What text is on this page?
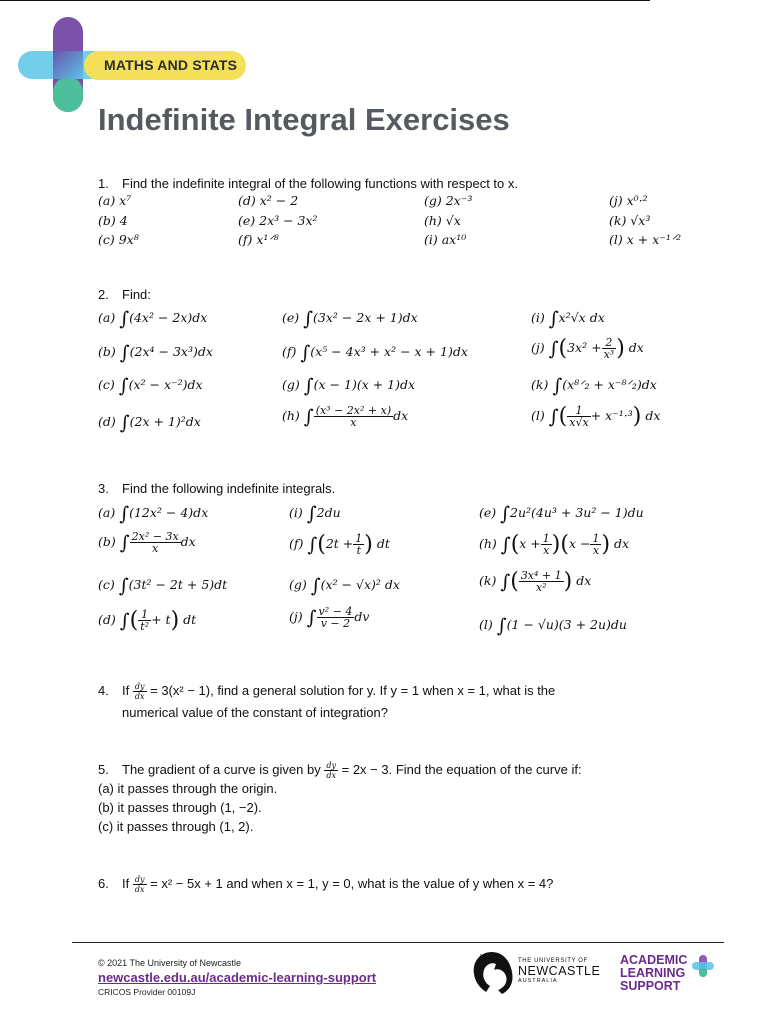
MATHS AND STATS
Indefinite Integral Exercises
1. Find the indefinite integral of the following functions with respect to x.
(a) x⁷
(b) 4
(c) 9x⁸
(d) x² − 2
(e) 2x³ − 3x²
(f) x¹ᐟ⁸
(g) 2x⁻³
(h) √x
(i) ax¹⁰
(j) x⁰·²
(k) √x³
(l) x + x⁻¹ᐟ²
2. Find:
(a) ∫(4x² − 2x)dx
(b) ∫(2x⁴ − 3x³)dx
(c) ∫(x² − x⁻²)dx
(d) ∫(2x + 1)²dx
(e) ∫(3x² − 2x + 1)dx
(f) ∫(x⁵ − 4x³ + x² − x + 1)dx
(g) ∫(x − 1)(x + 1)dx
(h) ∫ $\frac{\text{(x³ − 2x² + x)}}{x}$ dx
(i) ∫x²√x dx
(j) $\int(3x^2 + \frac{2}{\text{x³}}$ ) dx
(k) ∫(x⁸ᐟ₂ + x⁻⁸ᐟ₂)dx
(l) ∫( $\frac{1}{x√x} + x^{-1}\cdot^3$) dx
3. Find the following indefinite integrals.
(a) ∫(12x² − 4)dx
(b) ∫ $\frac{\text{2x² − 3x}}{x}$ dx
(c) ∫(3t² − 2t + 5)dt
(d) ∫( $\frac{1}{\text{t²}} + t$) dt
(i) ∫2du
(f) $\int(2t + \frac{1}{t}$ ) dt
(g) ∫(x² − √x)² dx
(j) ∫ $\frac{\text{v² − 4}}{v - 2}$ dv
(e) ∫2u²(4u³ + 3u² − 1)du
(h) $\int(x + \frac{1}{x} )(x - \frac{1}{x}$ ) dx
(k) ∫( $\frac{\text{3x⁴ + 1}}{\text{x²}}$ ) dx
(l) ∫(1 − √u)(3 + 2u)du
4. If $\frac{dy}{dx} = 3(x^2 - 1)$, find a general solution for y. If y = 1 when x = 1, what is the
numerical value of the constant of integration?
5. The gradient of a curve is given by $\frac{dy}{dx} = 2x - 3$. Find the equation of the curve if:
(a) it passes through the origin.
(b) it passes through (1, −2).
(c) it passes through (1, 2).
6. If $\frac{dy}{dx} = x^2 - 5x + 1$ and when x = 1, y = 0, what is the value of y when x = 4?
© 2021 The University of Newcastle
newcastle.edu.au/academic-learning-support
CRICOS Provider 00109J
THE UNIVERSITY OF
NEWCASTLE
AUSTRALIA
ACADEMIC
LEARNING
SUPPORT
